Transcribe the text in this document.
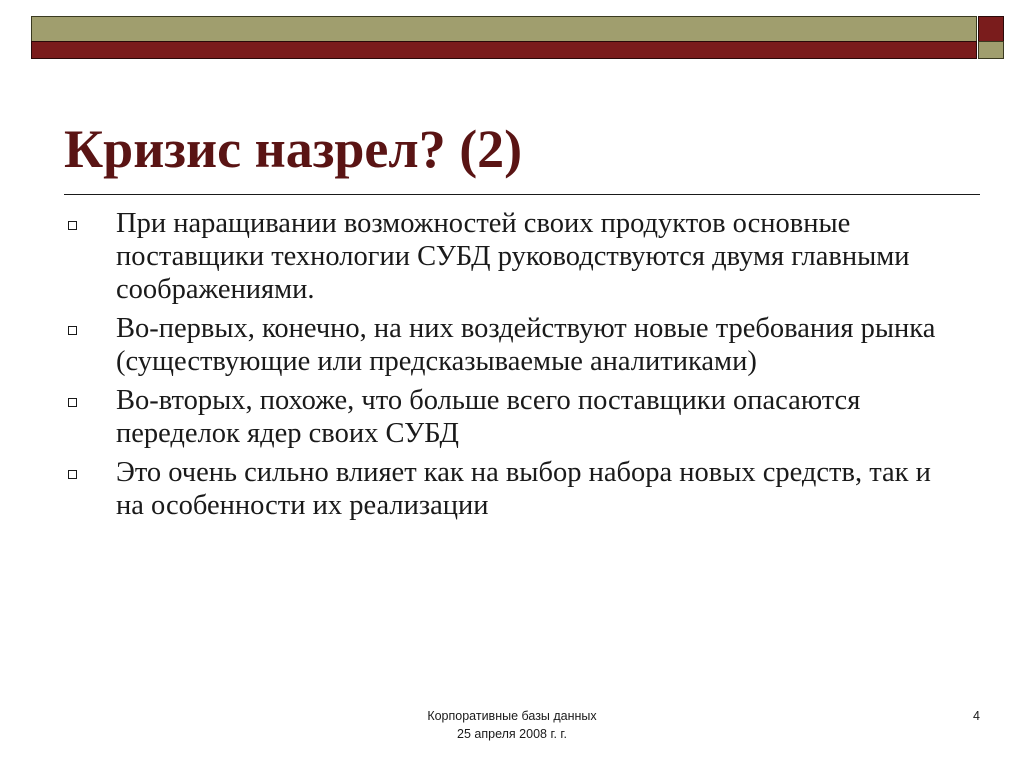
Кризис назрел? (2)
При наращивании возможностей своих продуктов основные поставщики технологии СУБД руководствуются двумя главными соображениями.
Во-первых, конечно, на них воздействуют новые требования рынка (существующие или предсказываемые аналитиками)
Во-вторых, похоже, что больше всего поставщики опасаются переделок ядер своих СУБД
Это очень сильно влияет как на выбор набора новых средств, так и на особенности их реализации
Корпоративные базы данных
25 апреля 2008 г. г.
4
